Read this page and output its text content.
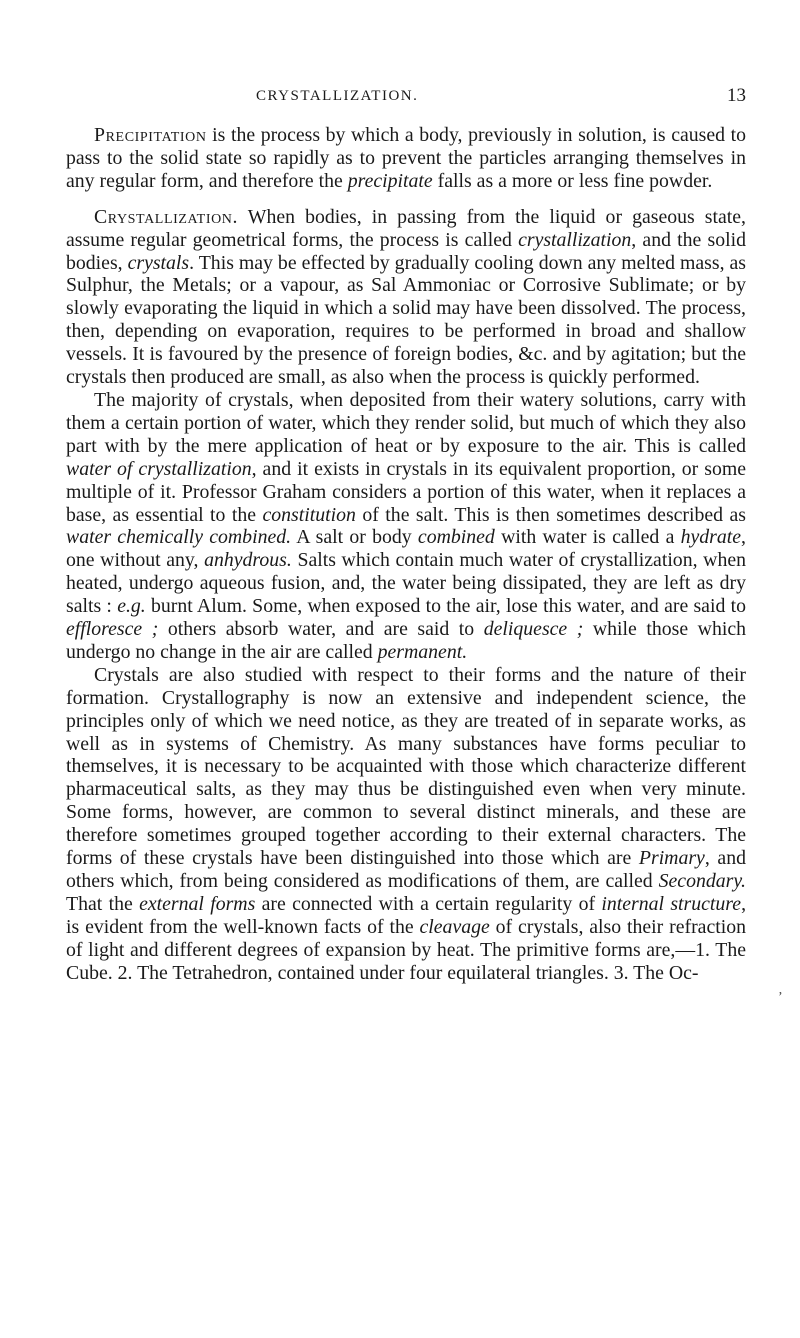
CRYSTALLIZATION.	13

Precipitation is the process by which a body, previously in solution, is caused to pass to the solid state so rapidly as to prevent the particles arranging themselves in any regular form, and therefore the precipitate falls as a more or less fine powder.

Crystallization. When bodies, in passing from the liquid or gaseous state, assume regular geometrical forms, the process is called crystallization, and the solid bodies, crystals. This may be effected by gradually cooling down any melted mass, as Sulphur, the Metals; or a vapour, as Sal Ammoniac or Corrosive Sublimate; or by slowly evaporating the liquid in which a solid may have been dissolved. The process, then, depending on evaporation, requires to be performed in broad and shallow vessels. It is favoured by the presence of foreign bodies, &c. and by agitation; but the crystals then produced are small, as also when the process is quickly performed.

The majority of crystals, when deposited from their watery solutions, carry with them a certain portion of water, which they render solid, but much of which they also part with by the mere application of heat or by exposure to the air. This is called water of crystallization, and it exists in crystals in its equivalent proportion, or some multiple of it. Professor Graham considers a portion of this water, when it replaces a base, as essential to the constitution of the salt. This is then sometimes described as water chemically combined. A salt or body combined with water is called a hydrate, one without any, anhydrous. Salts which contain much water of crystallization, when heated, undergo aqueous fusion, and, the water being dissipated, they are left as dry salts : e.g. burnt Alum. Some, when exposed to the air, lose this water, and are said to effloresce ; others absorb water, and are said to deliquesce ; while those which undergo no change in the air are called permanent.

Crystals are also studied with respect to their forms and the nature of their formation. Crystallography is now an extensive and independent science, the principles only of which we need notice, as they are treated of in separate works, as well as in systems of Chemistry. As many substances have forms peculiar to themselves, it is necessary to be acquainted with those which characterize different pharmaceutical salts, as they may thus be distinguished even when very minute. Some forms, however, are common to several distinct minerals, and these are therefore sometimes grouped together according to their external characters. The forms of these crystals have been distinguished into those which are Primary, and others which, from being considered as modifications of them, are called Secondary. That the external forms are connected with a certain regularity of internal structure, is evident from the well-known facts of the cleavage of crystals, also their refraction of light and different degrees of expansion by heat. The primitive forms are,—1. The Cube. 2. The Tetrahedron, contained under four equilateral triangles. 3. The Oc-

’
